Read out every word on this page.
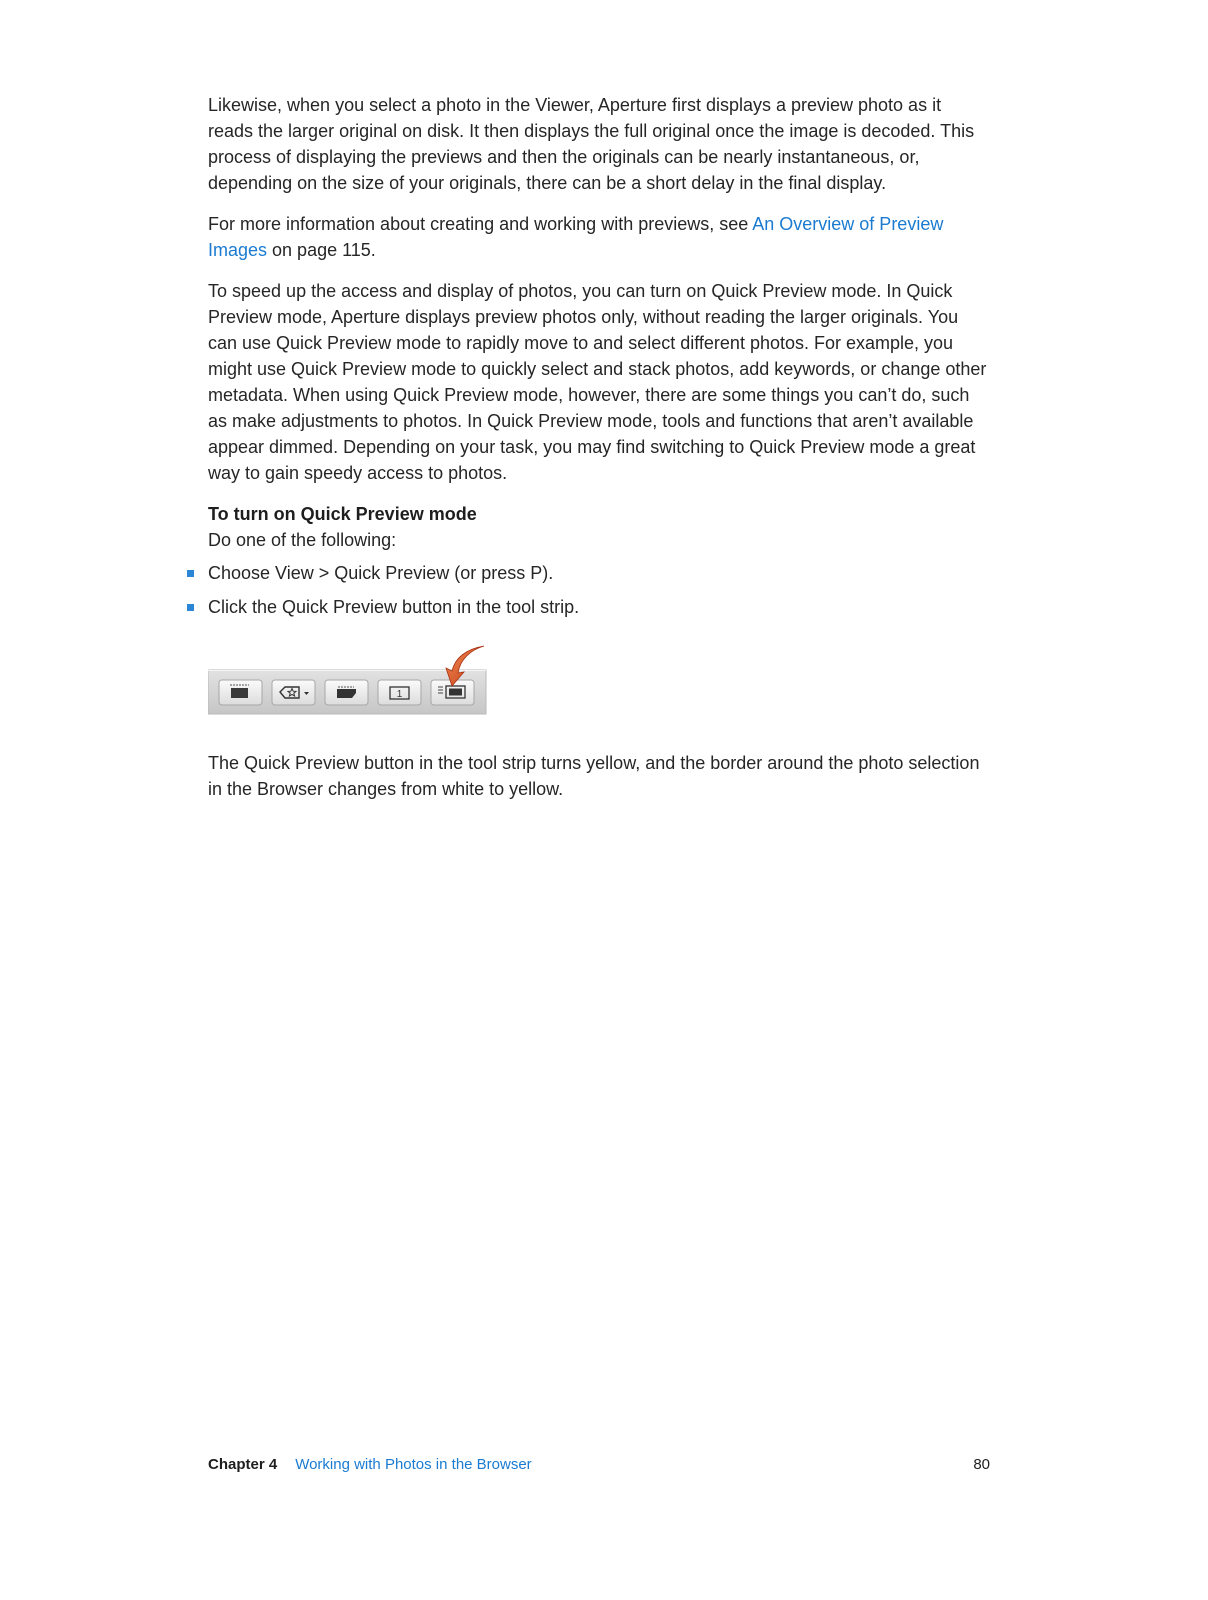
Likewise, when you select a photo in the Viewer, Aperture first displays a preview photo as it reads the larger original on disk. It then displays the full original once the image is decoded. This process of displaying the previews and then the originals can be nearly instantaneous, or, depending on the size of your originals, there can be a short delay in the final display.

For more information about creating and working with previews, see An Overview of Preview Images on page 115.

To speed up the access and display of photos, you can turn on Quick Preview mode. In Quick Preview mode, Aperture displays preview photos only, without reading the larger originals. You can use Quick Preview mode to rapidly move to and select different photos. For example, you might use Quick Preview mode to quickly select and stack photos, add keywords, or change other metadata. When using Quick Preview mode, however, there are some things you can’t do, such as make adjustments to photos. In Quick Preview mode, tools and functions that aren’t available appear dimmed. Depending on your task, you may find switching to Quick Preview mode a great way to gain speedy access to photos.

To turn on Quick Preview mode

Do one of the following:

Choose View > Quick Preview (or press P).
Click the Quick Preview button in the tool strip.
1

The Quick Preview button in the tool strip turns yellow, and the border around the photo selection in the Browser changes from white to yellow.

Chapter 4 Working with Photos in the Browser	80
